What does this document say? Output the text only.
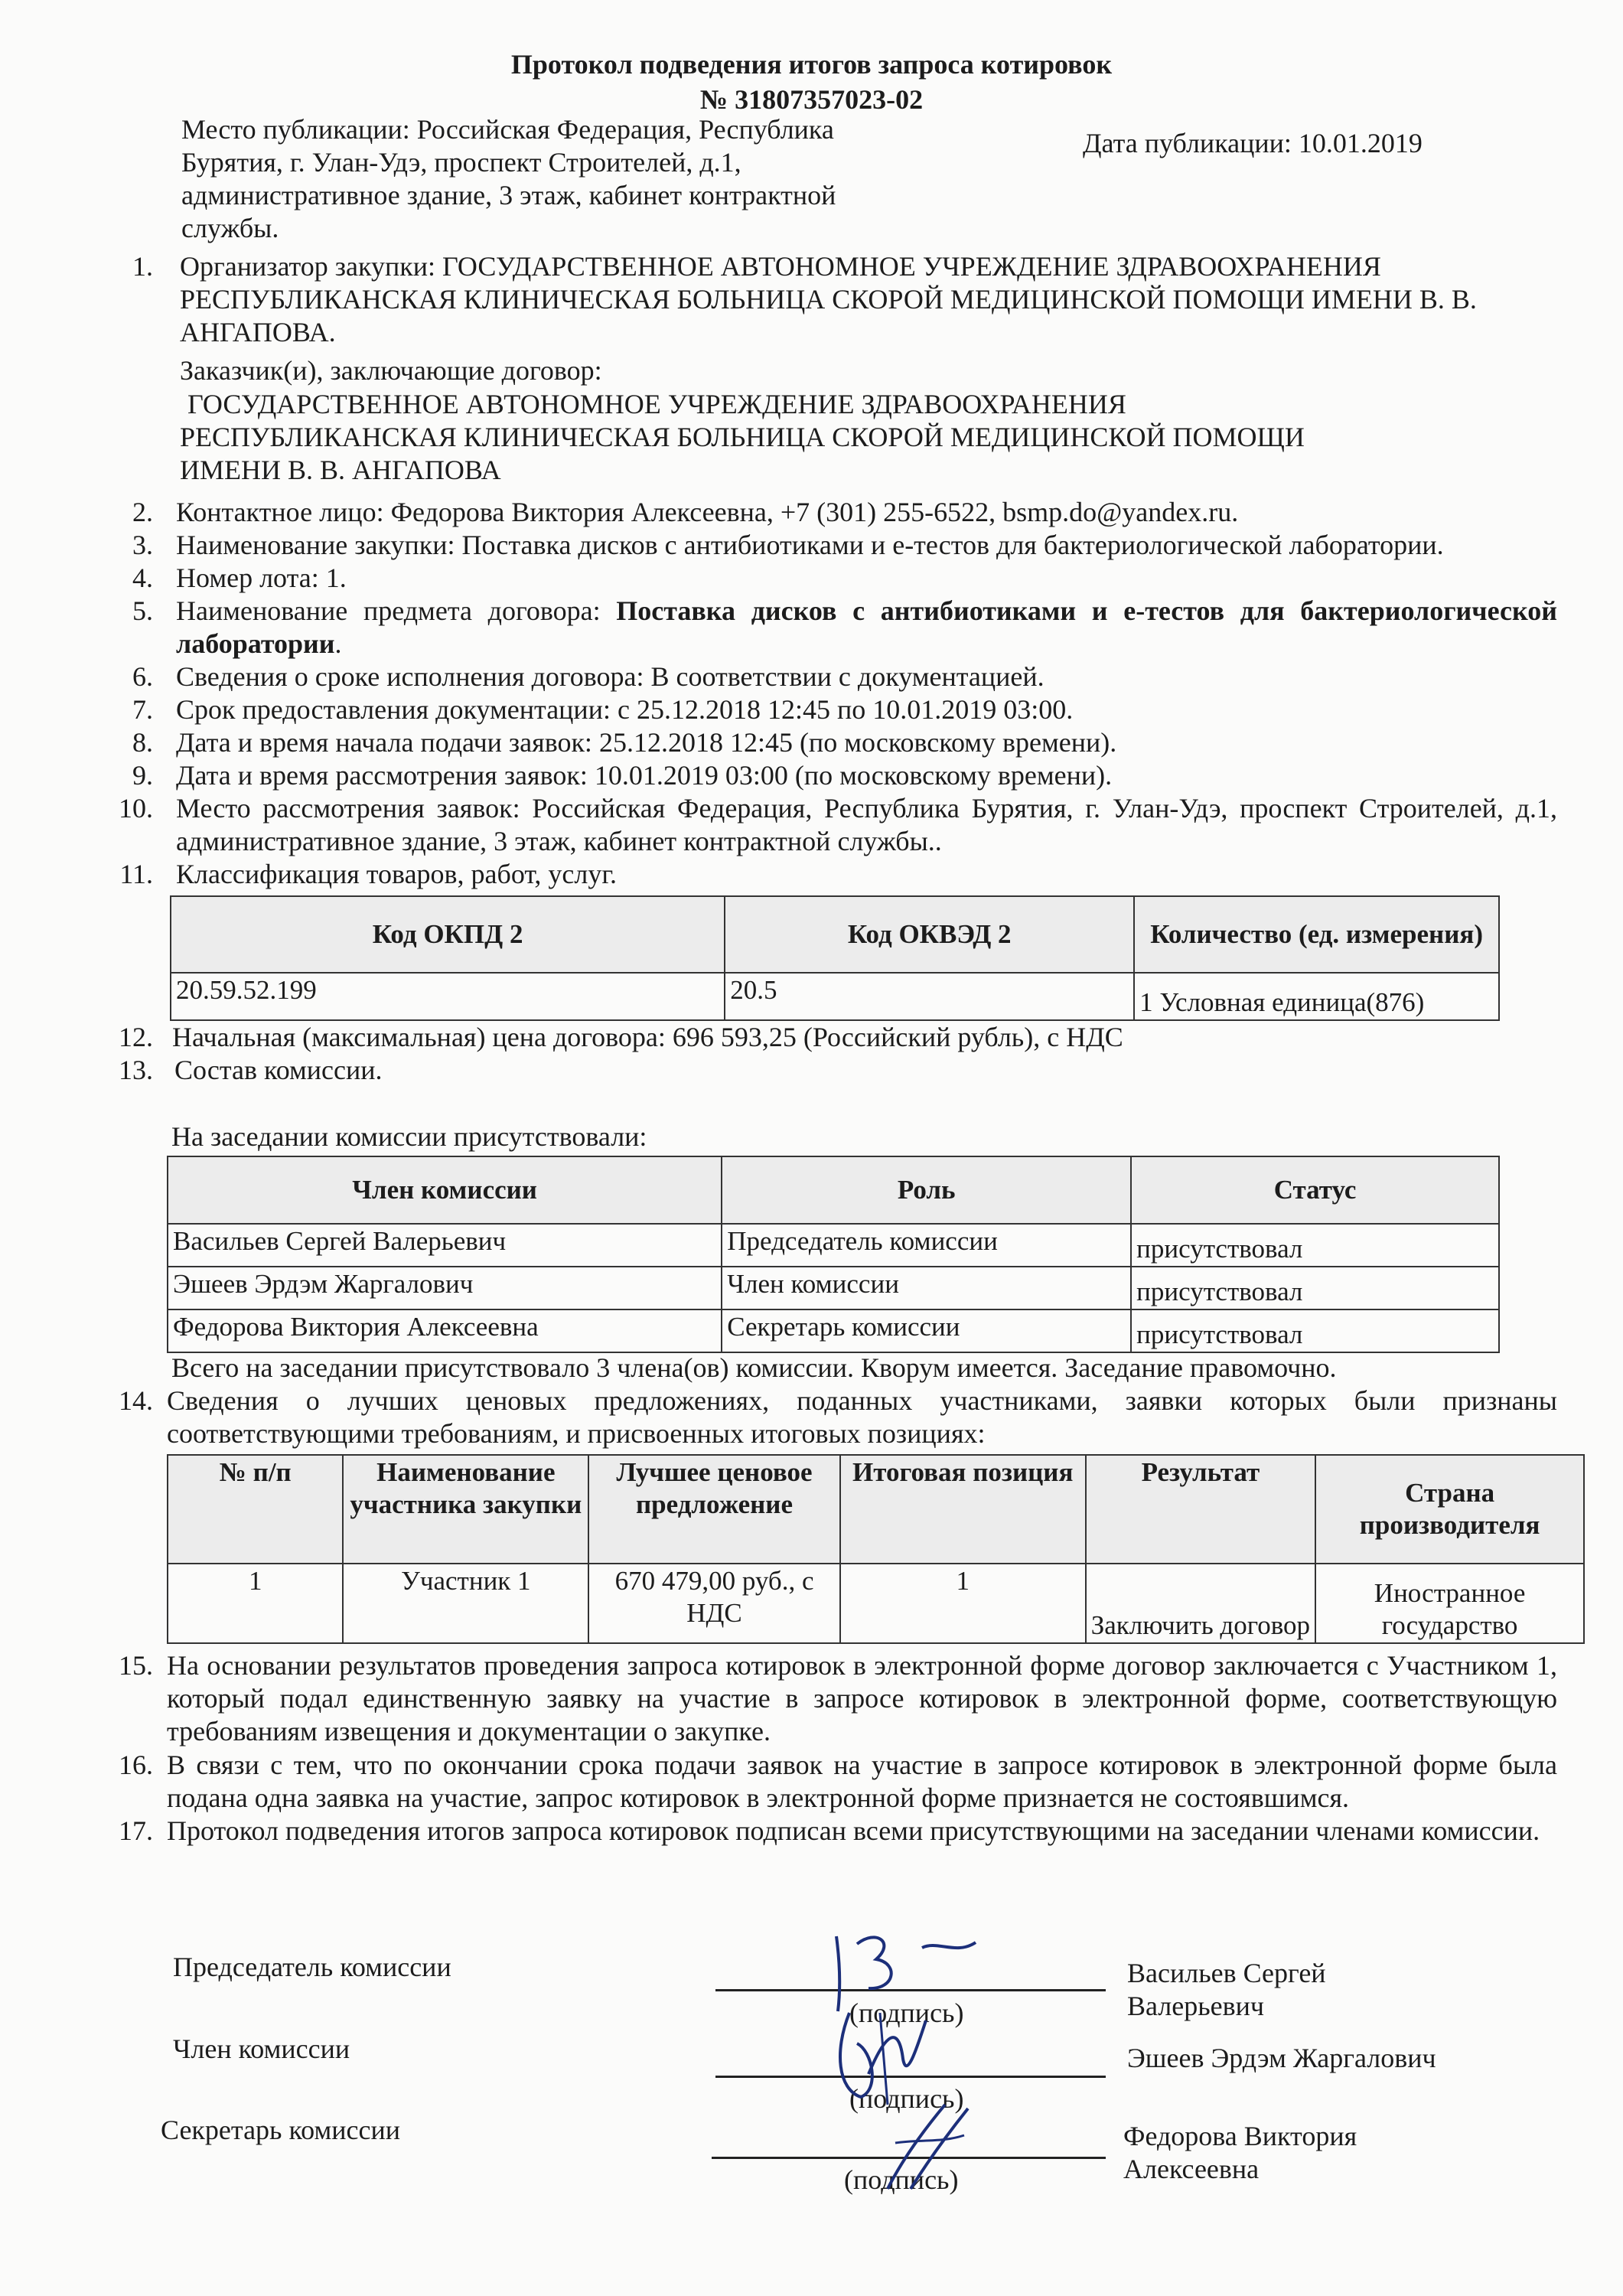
Протокол подведения итогов запроса котировок
№ 31807357023-02
Место публикации: Российская Федерация, Республика Бурятия, г. Улан-Удэ, проспект Строителей, д.1, административное здание, 3 этаж, кабинет контрактной службы.
Дата публикации: 10.01.2019
1. Организатор закупки: ГОСУДАРСТВЕННОЕ АВТОНОМНОЕ УЧРЕЖДЕНИЕ ЗДРАВООХРАНЕНИЯ РЕСПУБЛИКАНСКАЯ КЛИНИЧЕСКАЯ БОЛЬНИЦА СКОРОЙ МЕДИЦИНСКОЙ ПОМОЩИ ИМЕНИ В. В. АНГАПОВА.
Заказчик(и), заключающие договор:
ГОСУДАРСТВЕННОЕ АВТОНОМНОЕ УЧРЕЖДЕНИЕ ЗДРАВООХРАНЕНИЯ РЕСПУБЛИКАНСКАЯ КЛИНИЧЕСКАЯ БОЛЬНИЦА СКОРОЙ МЕДИЦИНСКОЙ ПОМОЩИ ИМЕНИ В. В. АНГАПОВА
2. Контактное лицо: Федорова Виктория Алексеевна, +7 (301) 255-6522, bsmp.do@yandex.ru.
3. Наименование закупки: Поставка дисков с антибиотиками и е-тестов для бактериологической лаборатории.
4. Номер лота: 1.
5. Наименование предмета договора: Поставка дисков с антибиотиками и е-тестов для бактериологической лаборатории.
6. Сведения о сроке исполнения договора: В соответствии с документацией.
7. Срок предоставления документации: с 25.12.2018 12:45 по 10.01.2019 03:00.
8. Дата и время начала подачи заявок: 25.12.2018 12:45 (по московскому времени).
9. Дата и время рассмотрения заявок: 10.01.2019 03:00 (по московскому времени).
10. Место рассмотрения заявок: Российская Федерация, Республика Бурятия, г. Улан-Удэ, проспект Строителей, д.1, административное здание, 3 этаж, кабинет контрактной службы..
11. Классификация товаров, работ, услуг.
Код ОКПД 2	Код ОКВЭД 2	Количество (ед. измерения)
20.59.52.199	20.5	1 Условная единица(876)
12. Начальная (максимальная) цена договора: 696 593,25 (Российский рубль), с НДС
13. Состав комиссии.
На заседании комиссии присутствовали:
Член комиссии	Роль	Статус
Васильев Сергей Валерьевич	Председатель комиссии	присутствовал
Эшеев Эрдэм Жаргалович	Член комиссии	присутствовал
Федорова Виктория Алексеевна	Секретарь комиссии	присутствовал
Всего на заседании присутствовало 3 члена(ов) комиссии. Кворум имеется. Заседание правомочно.
14. Сведения о лучших ценовых предложениях, поданных участниками, заявки которых были признаны соответствующими требованиям, и присвоенных итоговых позициях:
№ п/п	Наименование участника закупки	Лучшее ценовое предложение	Итоговая позиция	Результат	Страна производителя
1	Участник 1	670 479,00 руб., с НДС	1	Заключить договор	Иностранное государство
15. На основании результатов проведения запроса котировок в электронной форме договор заключается с Участником 1, который подал единственную заявку на участие в запросе котировок в электронной форме, соответствующую требованиям извещения и документации о закупке.
16. В связи с тем, что по окончании срока подачи заявок на участие в запросе котировок в электронной форме была подана одна заявка на участие, запрос котировок в электронной форме признается не состоявшимся.
17. Протокол подведения итогов запроса котировок подписан всеми присутствующими на заседании членами комиссии.
Председатель комиссии
(подпись)
Васильев Сергей Валерьевич
Член комиссии
(подпись)
Эшеев Эрдэм Жаргалович
Секретарь комиссии
(подпись)
Федорова Виктория Алексеевна
